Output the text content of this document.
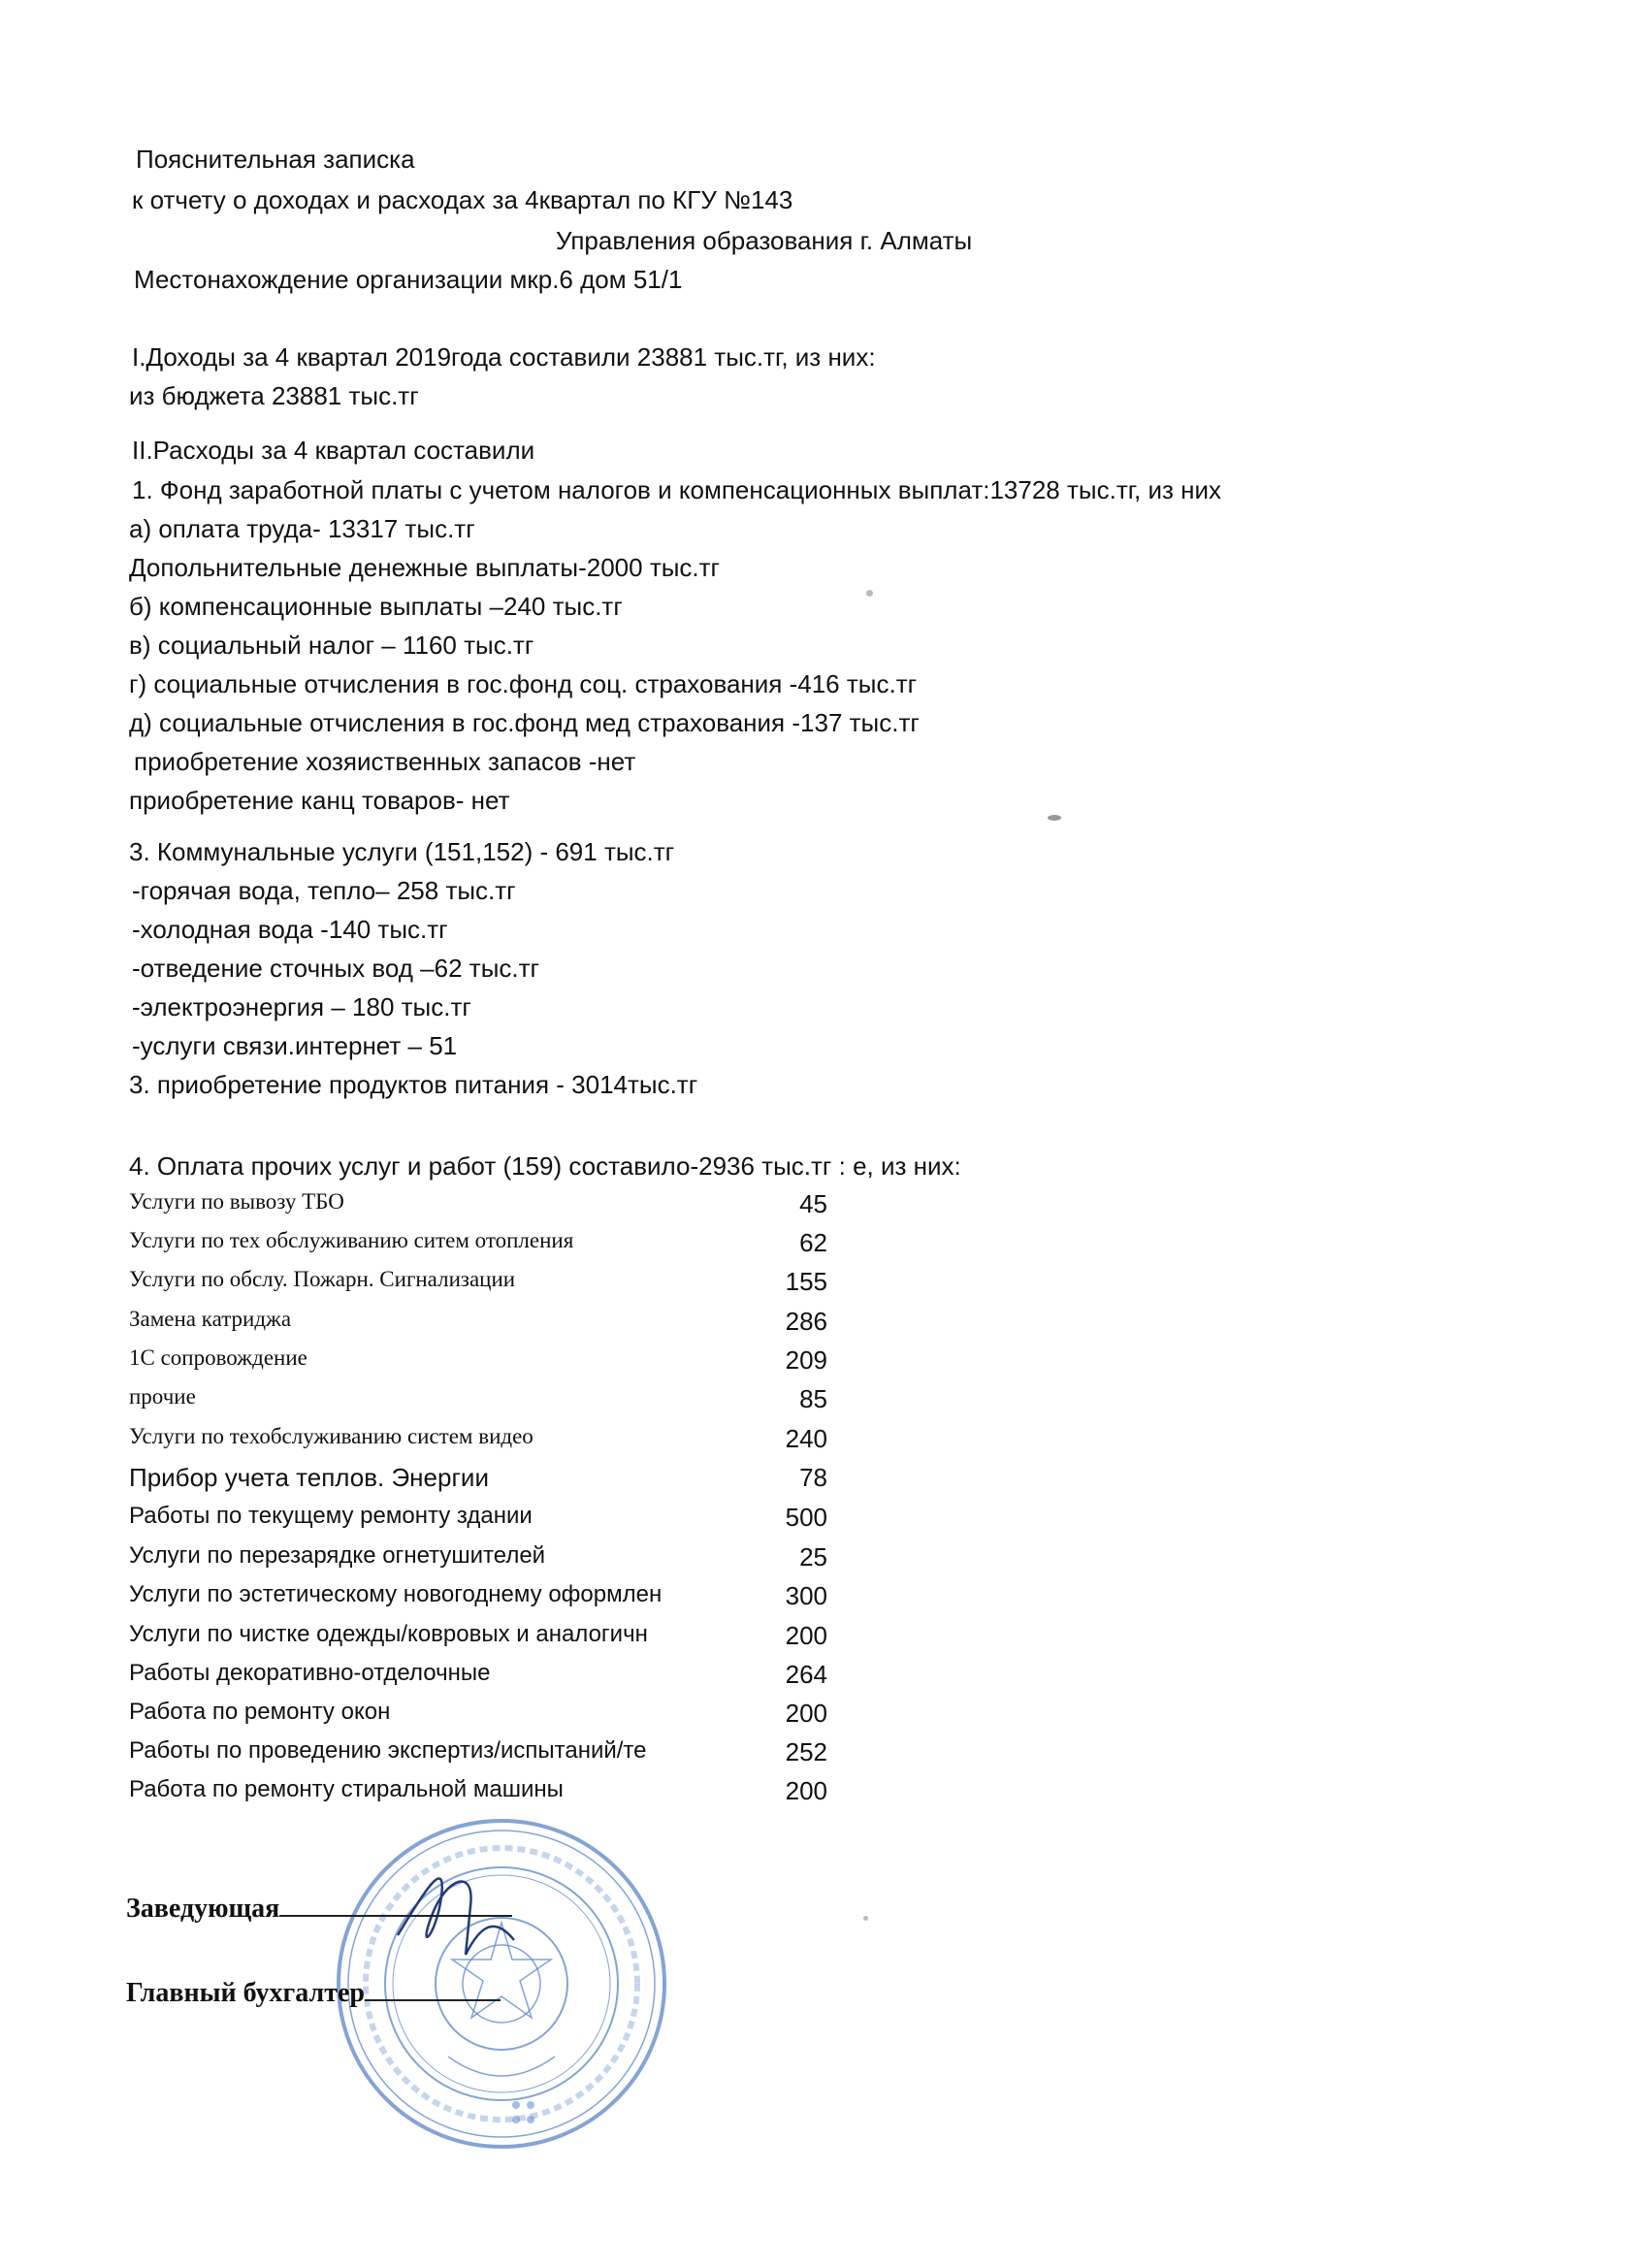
Пояснительная записка
к отчету о доходах и расходах за 4квартал по КГУ №143
Управления образования г. Алматы
Местонахождение организации мкр.6 дом 51/1
I.Доходы за 4 квартал 2019года составили 23881 тыс.тг, из них:
из бюджета 23881 тыс.тг
II.Расходы за 4 квартал составили
1. Фонд заработной платы с учетом налогов и компенсационных выплат:13728 тыс.тг, из них
а) оплата труда- 13317 тыс.тг
Допольнительные денежные выплаты-2000 тыс.тг
б) компенсационные выплаты –240 тыс.тг
в) социальный налог – 1160 тыс.тг
г) социальные отчисления в гос.фонд соц. страхования -416 тыс.тг
д) социальные отчисления в гос.фонд мед страхования -137 тыс.тг
приобретение хозяиственных запасов -нет
приобретение канц товаров- нет
3. Коммунальные услуги (151,152) - 691 тыс.тг
-горячая вода, тепло– 258 тыс.тг
-холодная вода -140 тыс.тг
-отведение сточных вод –62 тыс.тг
-электроэнергия – 180 тыс.тг
-услуги связи.интернет – 51
3. приобретение продуктов питания - 3014тыс.тг
4. Оплата прочих услуг и работ (159) составило-2936 тыс.тг : е, из них:
Услуги по вывозу ТБО	45
Услуги по тех обслуживанию ситем отопления	62
Услуги по обслу. Пожарн. Сигнализации	155
Замена катриджа	286
1С сопровождение	209
прочие	85
Услуги по техобслуживанию систем видео	240
Прибор учета теплов. Энергии	78
Работы по текущему ремонту здании	500
Услуги по перезарядке огнетушителей	25
Услуги по эстетическому новогоднему оформлен	300
Услуги по чистке одежды/ковровых и аналогичн	200
Работы декоративно-отделочные	264
Работа по ремонту окон	200
Работы по проведению экспертиз/испытаний/те	252
Работа по ремонту стиральной машины	200
Заведующая
Главный бухгалтер
